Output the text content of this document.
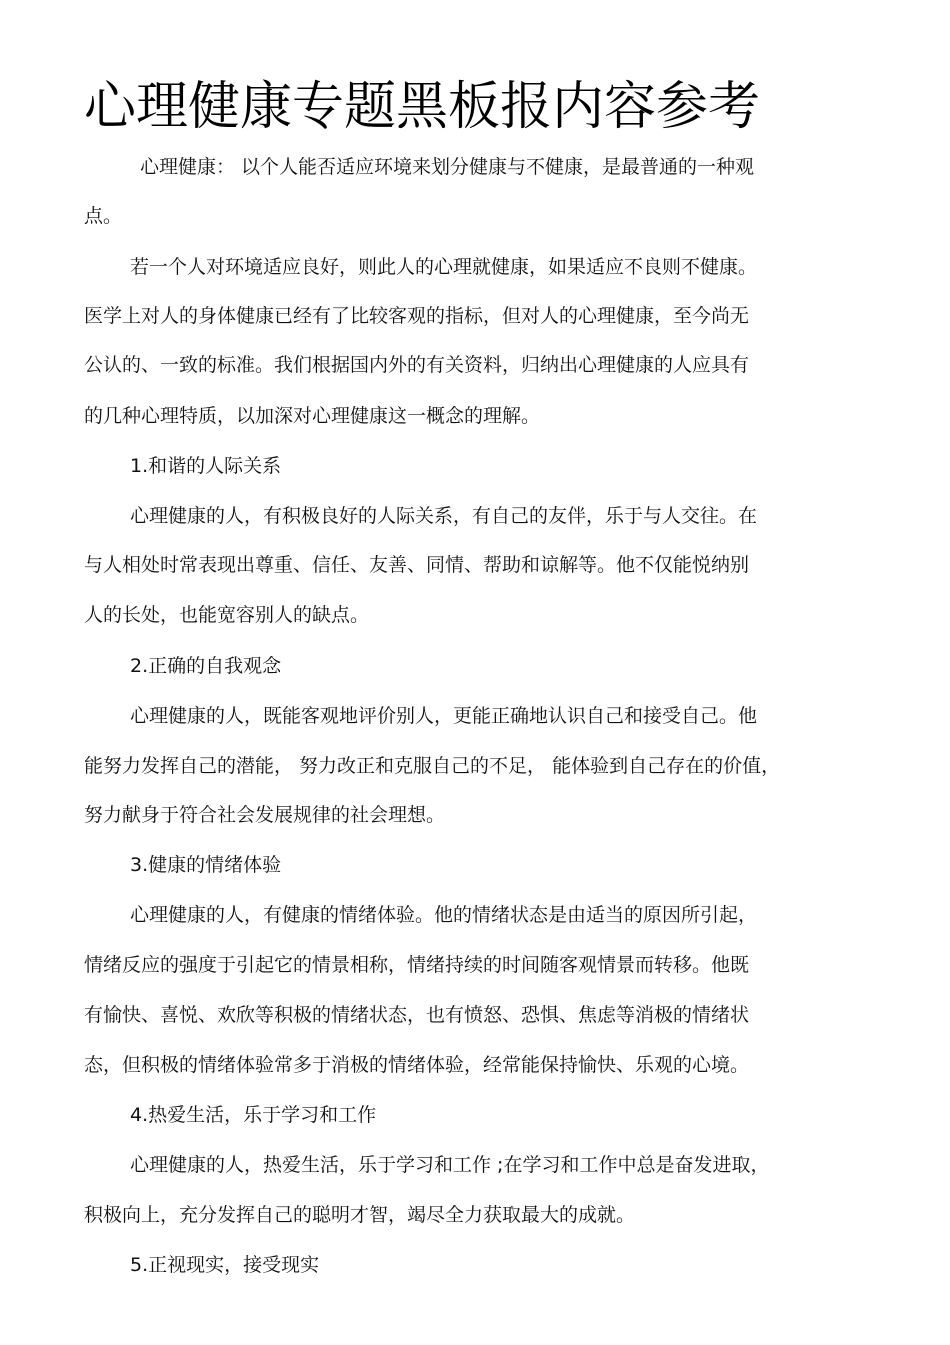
心理健康专题黑板报内容参考
心理健康： 以个人能否适应环境来划分健康与不健康，是最普通的一种观
点。
若一个人对环境适应良好，则此人的心理就健康，如果适应不良则不健康。
医学上对人的身体健康已经有了比较客观的指标，但对人的心理健康，至今尚无
公认的、一致的标准。我们根据国内外的有关资料，归纳出心理健康的人应具有
的几种心理特质，以加深对心理健康这一概念的理解。
1.和谐的人际关系
心理健康的人，有积极良好的人际关系，有自己的友伴，乐于与人交往。在
与人相处时常表现出尊重、信任、友善、同情、帮助和谅解等。他不仅能悦纳别
人的长处，也能宽容别人的缺点。
2.正确的自我观念
心理健康的人，既能客观地评价别人，更能正确地认识自己和接受自己。他
能努力发挥自己的潜能， 努力改正和克服自己的不足， 能体验到自己存在的价值，
努力献身于符合社会发展规律的社会理想。
3.健康的情绪体验
心理健康的人，有健康的情绪体验。他的情绪状态是由适当的原因所引起，
情绪反应的强度于引起它的情景相称，情绪持续的时间随客观情景而转移。他既
有愉快、喜悦、欢欣等积极的情绪状态，也有愤怒、恐惧、焦虑等消极的情绪状
态，但积极的情绪体验常多于消极的情绪体验，经常能保持愉快、乐观的心境。
4.热爱生活，乐于学习和工作
心理健康的人，热爱生活，乐于学习和工作 ;在学习和工作中总是奋发进取，
积极向上，充分发挥自己的聪明才智，竭尽全力获取最大的成就。
5.正视现实，接受现实
